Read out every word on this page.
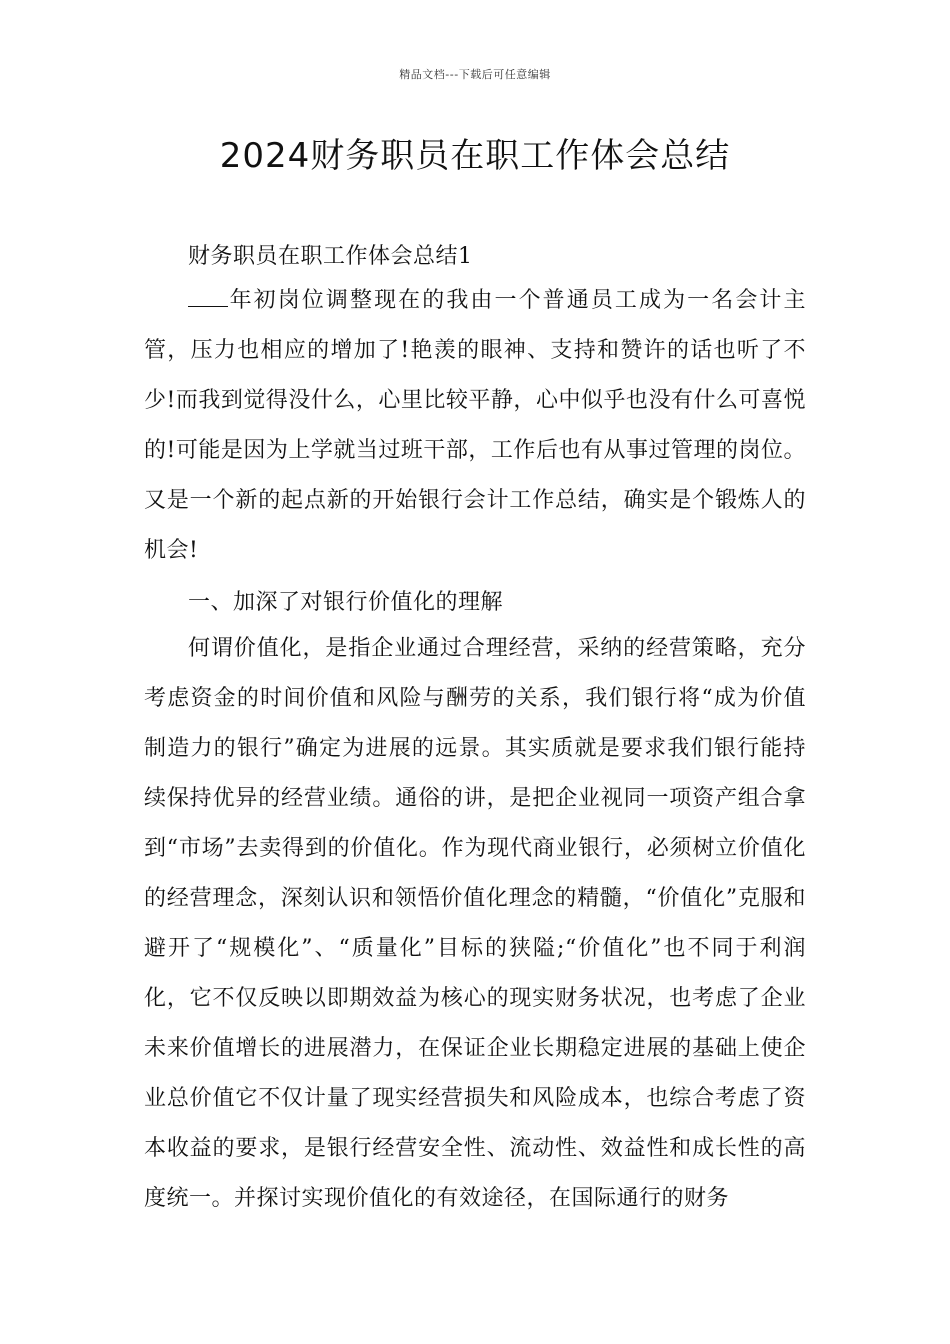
精品文档---下载后可任意编辑
2024财务职员在职工作体会总结

财务职员在职工作体会总结1

年初岗位调整现在的我由一个普通员工成为一名会计主管，压力也相应的增加了!艳羡的眼神、支持和赞许的话也听了不少!而我到觉得没什么，心里比较平静，心中似乎也没有什么可喜悦的!可能是因为上学就当过班干部，工作后也有从事过管理的岗位。又是一个新的起点新的开始银行会计工作总结，确实是个锻炼人的机会!

一、加深了对银行价值化的理解

何谓价值化，是指企业通过合理经营，采纳的经营策略，充分考虑资金的时间价值和风险与酬劳的关系，我们银行将“成为价值制造力的银行”确定为进展的远景。其实质就是要求我们银行能持续保持优异的经营业绩。通俗的讲，是把企业视同一项资产组合拿到“市场”去卖得到的价值化。作为现代商业银行，必须树立价值化的经营理念，深刻认识和领悟价值化理念的精髓，“价值化”克服和避开了“规模化”、“质量化”目标的狭隘;“价值化”也不同于利润化，它不仅反映以即期效益为核心的现实财务状况，也考虑了企业未来价值增长的进展潜力，在保证企业长期稳定进展的基础上使企业总价值它不仅计量了现实经营损失和风险成本，也综合考虑了资本收益的要求，是银行经营安全性、流动性、效益性和成长性的高度统一。并探讨实现价值化的有效途径，在国际通行的财务
